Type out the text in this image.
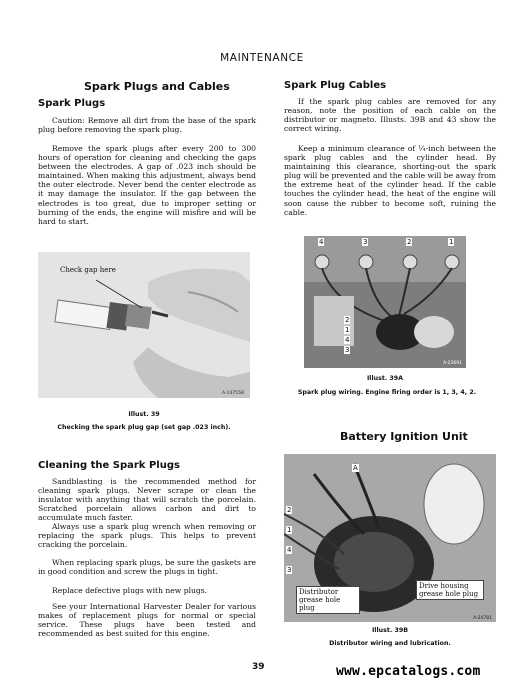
MAINTENANCE
Spark Plugs and Cables
Spark Plugs
Caution: Remove all dirt from the base of the spark plug before removing the spark plug.
Remove the spark plugs after every 200 to 300 hours of operation for cleaning and checking the gaps between the electrodes. A gap of .023 inch should be maintained. When making this adjustment, always bend the outer electrode. Never bend the center electrode as it may damage the insulator. If the gap between the electrodes is too great, due to improper setting or burning of the ends, the engine will misfire and will be hard to start.
Check gap here
A-14755B
Illust. 39
Checking the spark plug gap (set gap .023 inch).
Cleaning the Spark Plugs
Sandblasting is the recommended method for cleaning spark plugs. Never scrape or clean the insulator with anything that will scratch the porcelain. Scratched porcelain allows carbon and dirt to accumulate much faster.
Always use a spark plug wrench when removing or replacing the spark plugs. This helps to prevent cracking the porcelain.
When replacing spark plugs, be sure the gaskets are in good condition and screw the plugs in tight.
Replace defective plugs with new plugs.
See your International Harvester Dealer for various makes of replacement plugs for normal or special service. These plugs have been tested and recommended as best suited for this engine.
Spark Plug Cables
If the spark plug cables are removed for any reason, note the position of each cable on the distributor or magneto. Illusts. 39B and 43 show the correct wiring.
Keep a minimum clearance of ¼-inch between the spark plug cables and the cylinder head. By maintaining this clearance, shorting-out the spark plug will be prevented and the cable will be away from the extreme heat of the cylinder head. If the cable touches the cylinder head, the heat of the engine will soon cause the rubber to become soft, ruining the cable.
4	3	2	1
2
1
4
3
A-23691
Illust. 39A
Spark plug wiring. Engine firing order is 1, 3, 4, 2.
Battery Ignition Unit
A
2
1
4
3
Distributor grease hole plug
Drive housing grease hole plug
A-24781
Illust. 39B
Distributor wiring and lubrication.
39	www.epcatalogs.com
